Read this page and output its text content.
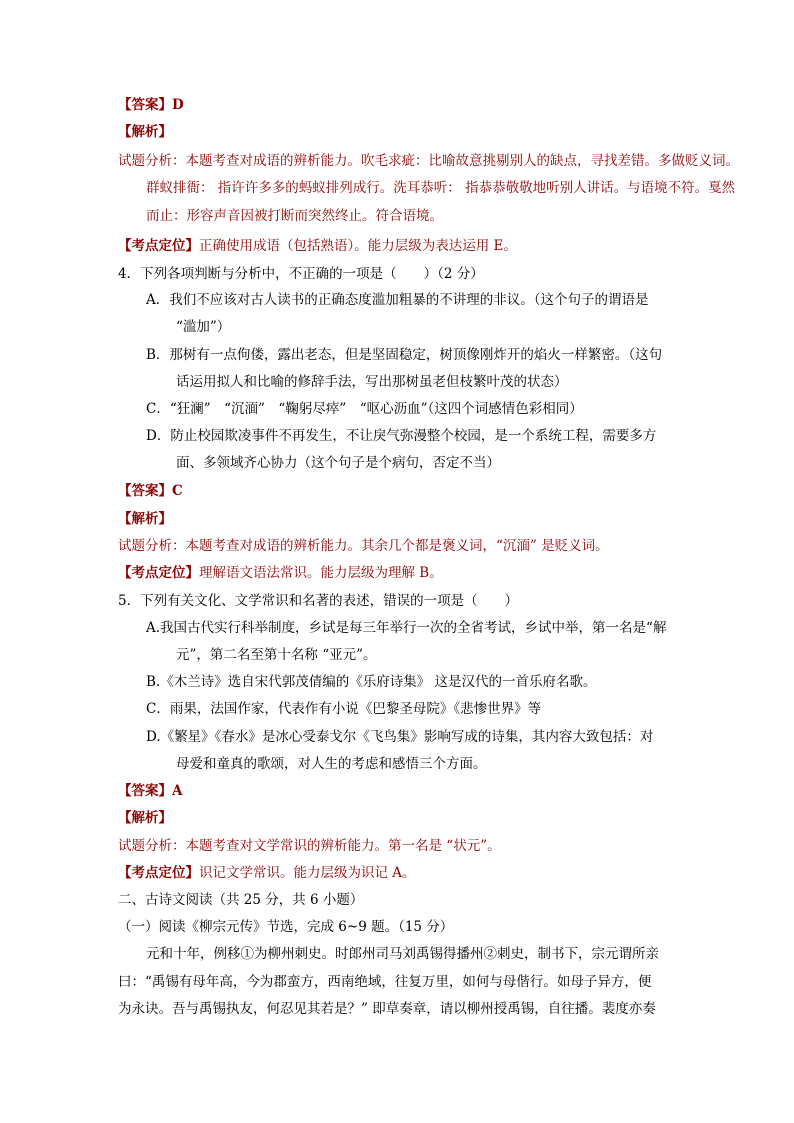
【答案】D
【解析】
试题分析：本题考查对成语的辨析能力。吹毛求疵：比喻故意挑剔别人的缺点，寻找差错。多做贬义词。
群蚁排衙： 指许许多多的蚂蚁排列成行。洗耳恭听： 指恭恭敬敬地听别人讲话。与语境不符。戛然
而止：形容声音因被打断而突然终止。符合语境。
【考点定位】正确使用成语（包括熟语）。能力层级为表达运用 E。
4．下列各项判断与分析中，不正确的一项是（　　）（2 分）
A．我们不应该对古人读书的正确态度滥加粗暴的不讲理的非议。（这个句子的谓语是
“滥加”）
B．那树有一点佝偻，露出老态，但是坚固稳定，树顶像刚炸开的焰火一样繁密。（这句
话运用拟人和比喻的修辞手法，写出那树虽老但枝繁叶茂的状态）
C．“狂澜”　“沉湎”　“鞠躬尽瘁”　“呕心沥血”（这四个词感情色彩相同）
D．防止校园欺凌事件不再发生，不让戾气弥漫整个校园，是一个系统工程，需要多方
面、多领域齐心协力（这个句子是个病句，否定不当）
【答案】C
【解析】
试题分析：本题考查对成语的辨析能力。其余几个都是褒义词，“沉湎” 是贬义词。
【考点定位】理解语文语法常识。能力层级为理解 B。
5．下列有关文化、文学常识和名著的表述，错误的一项是（　　）
A.我国古代实行科举制度，乡试是每三年举行一次的全省考试，乡试中举，第一名是“解
元”，第二名至第十名称 “亚元”。
B.《木兰诗》选自宋代郭茂倩编的《乐府诗集》 这是汉代的一首乐府名歌。
C．雨果，法国作家，代表作有小说《巴黎圣母院》《悲惨世界》等
D.《繁星》《春水》是冰心受泰戈尔《飞鸟集》影响写成的诗集，其内容大致包括：对
母爱和童真的歌颂，对人生的考虑和感悟三个方面。
【答案】A
【解析】
试题分析：本题考查对文学常识的辨析能力。第一名是 “状元”。
【考点定位】识记文学常识。能力层级为识记 A。
二、古诗文阅读（共 25 分，共 6 小题）
（一）阅读《柳宗元传》节选，完成 6~9 题。（15 分）
元和十年，例移①为柳州刺史。时郎州司马刘禹锡得播州②刺史，制书下，宗元谓所亲
曰：“禹锡有母年高，今为郡蛮方，西南绝域，往复万里，如何与母偕行。如母子异方，便
为永诀。吾与禹锡执友，何忍见其若是？” 即草奏章，请以柳州授禹锡，自往播。裴度亦奏
